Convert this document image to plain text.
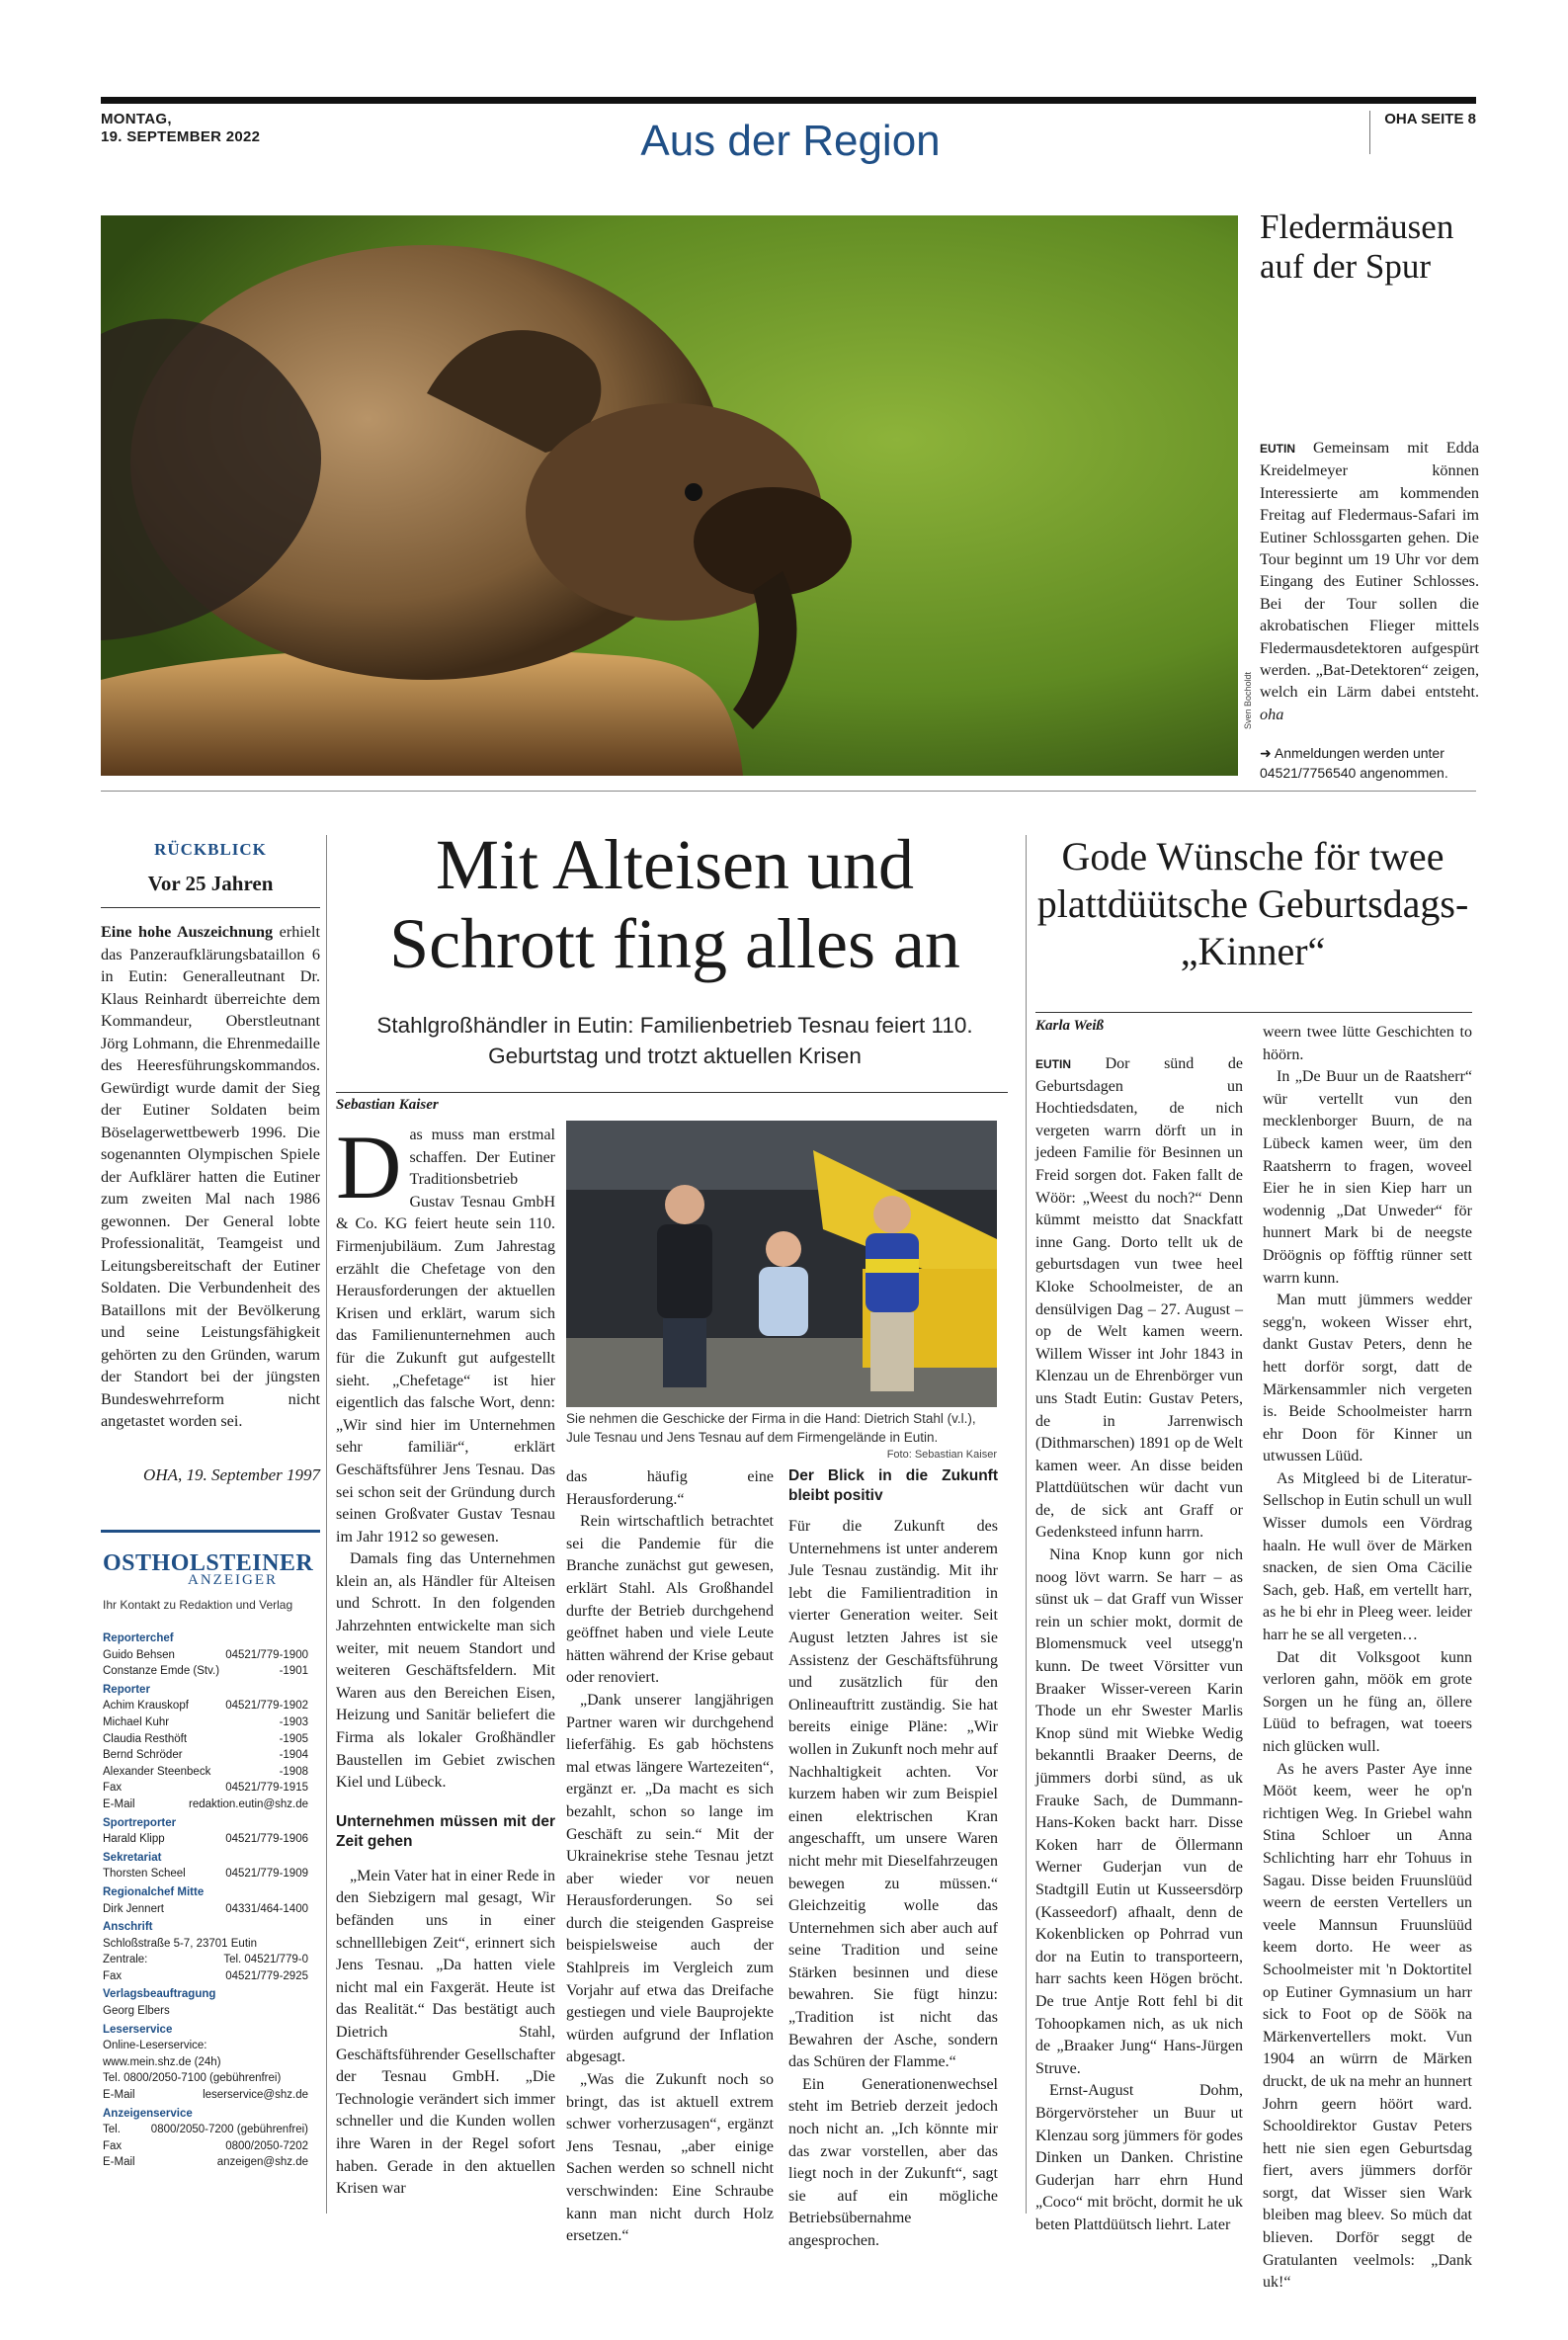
MONTAG,
19. SEPTEMBER 2022	Aus der Region	OHA SEITE 8
Sven Bocholdt
Fledermäusen auf der Spur
EUTIN Gemeinsam mit Edda Kreidelmeyer können Interessierte am kommenden Freitag auf Fledermaus-Safari im Eutiner Schlossgarten gehen. Die Tour beginnt um 19 Uhr vor dem Eingang des Eutiner Schlosses. Bei der Tour sollen die akrobatischen Flieger mittels Fledermausdetektoren aufgespürt werden. „Bat-Detektoren“ zeigen, welch ein Lärm dabei entsteht. oha
➜ Anmeldungen werden unter 04521/7756540 angenommen.
RÜCKBLICK
Vor 25 Jahren
Eine hohe Auszeichnung erhielt das Panzeraufklärungsbataillon 6 in Eutin: Generalleutnant Dr. Klaus Reinhardt überreichte dem Kommandeur, Oberstleutnant Jörg Lohmann, die Ehrenmedaille des Heeresführungskommandos. Gewürdigt wurde damit der Sieg der Eutiner Soldaten beim Böselagerwettbewerb 1996. Die sogenannten Olympischen Spiele der Aufklärer hatten die Eutiner zum zweiten Mal nach 1986 gewonnen. Der General lobte Professionalität, Teamgeist und Leitungsbereitschaft der Eutiner Soldaten. Die Verbundenheit des Bataillons mit der Bevölkerung und seine Leistungsfähigkeit gehörten zu den Gründen, warum der Standort bei der jüngsten Bundeswehrreform nicht angetastet worden sei.
OHA, 19. September 1997
OSTHOLSTEINER
ANZEIGER
Ihr Kontakt zu Redaktion und Verlag
Reporterchef
Guido Behsen	04521/779-1900
Constanze Emde (Stv.)	-1901
Reporter
Achim Krauskopf	04521/779-1902
Michael Kuhr	-1903
Claudia Resthöft	-1905
Bernd Schröder	-1904
Alexander Steenbeck	-1908
Fax	04521/779-1915
E-Mail	redaktion.eutin@shz.de
Sportreporter
Harald Klipp	04521/779-1906
Sekretariat
Thorsten Scheel	04521/779-1909
Regionalchef Mitte
Dirk Jennert	04331/464-1400
Anschrift
Schloßstraße 5-7, 23701 Eutin
Zentrale:	Tel. 04521/779-0
Fax	04521/779-2925
Verlagsbeauftragung
Georg Elbers
Leserservice
Online-Leserservice:
www.mein.shz.de (24h)
Tel. 0800/2050-7100 (gebührenfrei)
E-Mail	leserservice@shz.de
Anzeigenservice
Tel.	0800/2050-7200 (gebührenfrei)
Fax	0800/2050-7202
E-Mail	anzeigen@shz.de
Mit Alteisen und
Schrott fing alles an
Stahlgroßhändler in Eutin: Familienbetrieb Tesnau feiert 110. Geburtstag und trotzt aktuellen Krisen
Sebastian Kaiser
D as muss man erstmal schaffen. Der Eutiner Traditionsbetrieb Gustav Tesnau GmbH & Co. KG feiert heute sein 110. Firmenjubiläum. Zum Jahrestag erzählt die Chefetage von den Herausforderungen der aktuellen Krisen und erklärt, warum sich das Familienunternehmen auch für die Zukunft gut aufgestellt sieht. „Chefetage“ ist hier eigentlich das falsche Wort, denn: „Wir sind hier im Unternehmen sehr familiär“, erklärt Geschäftsführer Jens Tesnau. Das sei schon seit der Gründung durch seinen Großvater Gustav Tesnau im Jahr 1912 so gewesen.

Damals fing das Unternehmen klein an, als Händler für Alteisen und Schrott. In den folgenden Jahrzehnten entwickelte man sich weiter, mit neuem Standort und weiteren Geschäftsfeldern. Mit Waren aus den Bereichen Eisen, Heizung und Sanitär beliefert die Firma als lokaler Großhändler Baustellen im Gebiet zwischen Kiel und Lübeck.

Unternehmen müssen mit der Zeit gehen

„Mein Vater hat in einer Rede in den Siebzigern mal gesagt, Wir befänden uns in einer schnelllebigen Zeit“, erinnert sich Jens Tesnau. „Da hatten viele nicht mal ein Faxgerät. Heute ist das Realität.“ Das bestätigt auch Dietrich Stahl, Geschäftsführender Gesellschafter der Tesnau GmbH. „Die Technologie verändert sich immer schneller und die Kunden wollen ihre Waren in der Regel sofort haben. Gerade in den aktuellen Krisen war

Sie nehmen die Geschicke der Firma in die Hand: Dietrich Stahl (v.l.), Jule Tesnau und Jens Tesnau auf dem Firmengelände in Eutin.
Foto: Sebastian Kaiser

das häufig eine Herausforderung.“

Rein wirtschaftlich betrachtet sei die Pandemie für die Branche zunächst gut gewesen, erklärt Stahl. Als Großhandel durfte der Betrieb durchgehend geöffnet haben und viele Leute hätten während der Krise gebaut oder renoviert.

„Dank unserer langjährigen Partner waren wir durchgehend lieferfähig. Es gab höchstens mal etwas längere Wartezeiten“, ergänzt er. „Da macht es sich bezahlt, schon so lange im Geschäft zu sein.“ Mit der Ukrainekrise stehe Tesnau jetzt aber wieder vor neuen Herausforderungen. So sei durch die steigenden Gaspreise beispielsweise auch der Stahlpreis im Vergleich zum Vorjahr auf etwa das Dreifache gestiegen und viele Bauprojekte würden aufgrund der Inflation abgesagt.

„Was die Zukunft noch so bringt, das ist aktuell extrem schwer vorherzusagen“, ergänzt Jens Tesnau, „aber einige Sachen werden so schnell nicht verschwinden: Eine Schraube kann man nicht durch Holz ersetzen.“

Der Blick in die Zukunft bleibt positiv

Für die Zukunft des Unternehmens ist unter anderem Jule Tesnau zuständig. Mit ihr lebt die Familientradition in vierter Generation weiter. Seit August letzten Jahres ist sie Assistenz der Geschäftsführung und zusätzlich für den Onlineauftritt zuständig. Sie hat bereits einige Pläne: „Wir wollen in Zukunft noch mehr auf Nachhaltigkeit achten. Vor kurzem haben wir zum Beispiel einen elektrischen Kran angeschafft, um unsere Waren nicht mehr mit Dieselfahrzeugen bewegen zu müssen.“ Gleichzeitig wolle das Unternehmen sich aber auch auf seine Tradition und seine Stärken besinnen und diese bewahren. Sie fügt hinzu: „Tradition ist nicht das Bewahren der Asche, sondern das Schüren der Flamme.“

Ein Generationenwechsel steht im Betrieb derzeit jedoch noch nicht an. „Ich könnte mir das zwar vorstellen, aber das liegt noch in der Zukunft“, sagt sie auf ein mögliche Betriebsübernahme angesprochen.

Gode Wünsche för twee plattdüütsche Geburtsdags-„Kinner“
Karla Weiß

EUTIN Dor sünd de Geburtsdagen un Hochtiedsdaten, de nich vergeten warrn dörft un in jedeen Familie för Besinnen un Freid sorgen dot. Faken fallt de Wöör: „Weest du noch?“ Denn kümmt meistto dat Snackfatt inne Gang. Dorto tellt uk de geburtsdagen vun twee heel Kloke Schoolmeister, de an densülvigen Dag – 27. August – op de Welt kamen weern. Willem Wisser int Johr 1843 in Klenzau un de Ehrenbörger vun uns Stadt Eutin: Gustav Peters, de in Jarrenwisch (Dithmarschen) 1891 op de Welt kamen weer. An disse beiden Plattdüütschen wür dacht vun de, de sick ant Graff or Gedenksteed infunn harrn.

Nina Knop kunn gor nich noog lövt warrn. Se harr – as sünst uk – dat Graff vun Wisser rein un schier mokt, dormit de Blomensmuck veel utsegg'n kunn. De tweet Vörsitter vun Braaker Wisser-vereen Karin Thode un ehr Swester Marlis Knop sünd mit Wiebke Wedig bekanntli Braaker Deerns, de jümmers dorbi sünd, as uk Frauke Sach, de Dummann-Hans-Koken backt harr. Disse Koken harr de Öllermann Werner Guderjan vun de Stadtgill Eutin ut Kusseersdörp (Kasseedorf) afhaalt, denn de Kokenblicken op Pohrrad vun dor na Eutin to transporteern, harr sachts keen Högen bröcht. De true Antje Rott fehl bi dit Tohoopkamen nich, as uk nich de „Braaker Jung“ Hans-Jürgen Struve.

Ernst-August Dohm, Börgervörsteher un Buur ut Klenzau sorg jümmers för godes Dinken un Danken. Christine Guderjan harr ehrn Hund „Coco“ mit bröcht, dormit he uk beten Plattdüütsch liehrt. Later

weern twee lütte Geschichten to höörn.

In „De Buur un de Raatsherr“ wür vertellt vun den mecklenborger Buurn, de na Lübeck kamen weer, üm den Raatsherrn to fragen, woveel Eier he in sien Kiep harr un wodennig „Dat Unweder“ för hunnert Mark bi de neegste Dröögnis op föfftig rünner sett warrn kunn.

Man mutt jümmers wedder segg'n, wokeen Wisser ehrt, dankt Gustav Peters, denn he hett dorför sorgt, datt de Märkensammler nich vergeten is. Beide Schoolmeister harrn ehr Doon för Kinner un utwussen Lüüd.

As Mitgleed bi de Literatur-Sellschop in Eutin schull un wull Wisser dumols een Vördrag haaln. He wull över de Märken snacken, de sien Oma Cäcilie Sach, geb. Haß, em vertellt harr, as he bi ehr in Pleeg weer. leider harr he se all vergeten…

Dat dit Volksgoot kunn verloren gahn, möök em grote Sorgen un he füng an, öllere Lüüd to befragen, wat toeers nich glücken wull.

As he avers Paster Aye inne Mööt keem, weer he op'n richtigen Weg. In Griebel wahn Stina Schloer un Anna Schlichting harr ehr Tohuus in Sagau. Disse beiden Fruunslüüd weern de eersten Vertellers un veele Mannsun Fruunslüüd keem dorto. He weer as Schoolmeister mit 'n Doktortitel op Eutiner Gymnasium un harr sick to Foot op de Söök na Märkenvertellers mokt. Vun 1904 an würrn de Märken druckt, de uk na mehr an hunnert Johrn geern höört ward. Schooldirektor Gustav Peters hett nie sien egen Geburtsdag fiert, avers jümmers dorför sorgt, dat Wisser sien Wark bleiben mag bleev. So müch dat blieven. Dorför seggt de Gratulanten veelmols: „Dank uk!“
